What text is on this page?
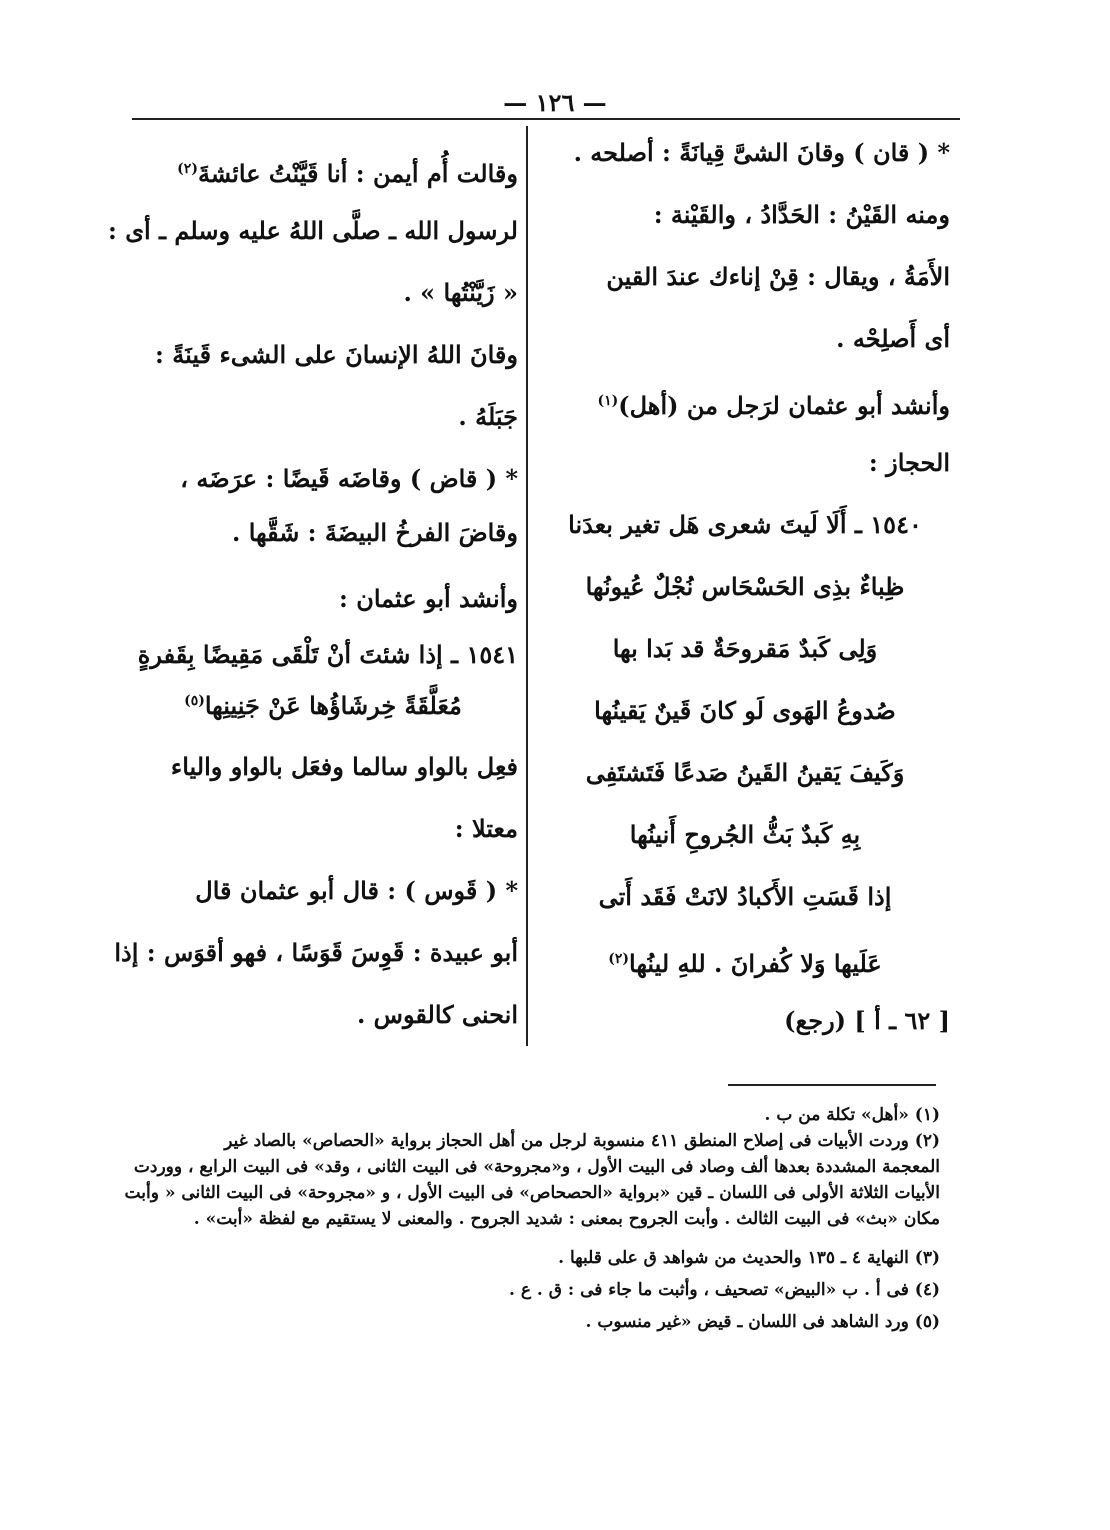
— ١٢٦ —

* ( قان ) وقانَ الشىَّ قِيانَةً : أصلحه .

ومنه القَيْنُ : الحَدَّادُ ، والقَيْنة :

الأَمَةُ ، ويقال : قِنْ إناءك عندَ القين

أى أَصلِحْه .

وأنشد أبو عثمان لرَجل من (أهل)$^{(١)}$

الحجاز :

١٥٤٠ ـ أَلَا لَيتَ شعرى هَل تغير بعدَنا

ظِباءٌ بذِى الحَسْحَاس نُجْلٌ عُيونُها

وَلِى كَبدٌ مَقروحَةٌ قد بَدا بها

صُدوعُ الهَوى لَو كانَ قَينٌ يَقينُها

وَكَيفَ يَقينُ القَينُ صَدعًا فَتَشتَفِى

بِهِ كَبدٌ بَثُّ الجُروحِ أَنينُها

إذا قَسَتِ الأَكبادُ لانَتْ فَقَد أَتى

عَلَيها وَلا كُفرانَ . للهِ لينُها$^{(٢)}$

[ ٦٢ ـ أ ] (رجع)

وقالت أُم أيمن : أنا قَيَّنْتُ عائشةَ$^{(٢)}$

لرسول الله ـ صلَّى اللهُ عليه وسلم ـ أى :

« زَيَّنْتُها » .

وقانَ اللهُ الإنسانَ على الشىء قَينَةً :

جَبَلَهُ .

* ( قاض ) وقاضَه قَيضًا : عرَضَه ،

وقاضَ الفرخُ البيضَةَ : شَقَّها .

وأنشد أبو عثمان :

١٥٤١ ـ إذا شئتَ أنْ تَلْقَى مَقِيضًا بِقَفرةٍ

مُعَلَّقَةً خِرشَاؤُها عَنْ جَنِينِها$^{(٥)}$

فعِل بالواو سالما وفعَل بالواو والياء

معتلا :

* ( قَوس ) : قال أبو عثمان قال

أبو عبيدة : قَوِسَ قَوَسًا ، فهو أقوَس : إذا

انحنى كالقوس .

(١) «أهل» تكلة من ب .

(٢) وردت الأبيات فى إصلاح المنطق ٤١١ منسوبة لرجل من أهل الحجاز برواية «الحصاص» بالصاد غير

المعجمة المشددة بعدها ألف وصاد فى البيت الأول ، و«مجروحة» فى البيت الثانى ، وقد» فى البيت الرابع ، ووردت

الأبيات الثلاثة الأولى فى اللسان ـ قين «برواية «الحصحاص» فى البيت الأول ، و «مجروحة» فى البيت الثانى « وأبت

مكان «بث» فى البيت الثالث . وأبت الجروح بمعنى : شديد الجروح . والمعنى لا يستقيم مع لفظة «أبت» .

(٣) النهاية ٤ ـ ١٣٥ والحديث من شواهد ق على قلبها .

(٤) فى أ . ب «البيض» تصحيف ، وأثبت ما جاء فى : ق . ع .

(٥) ورد الشاهد فى اللسان ـ قيض «غير منسوب .
